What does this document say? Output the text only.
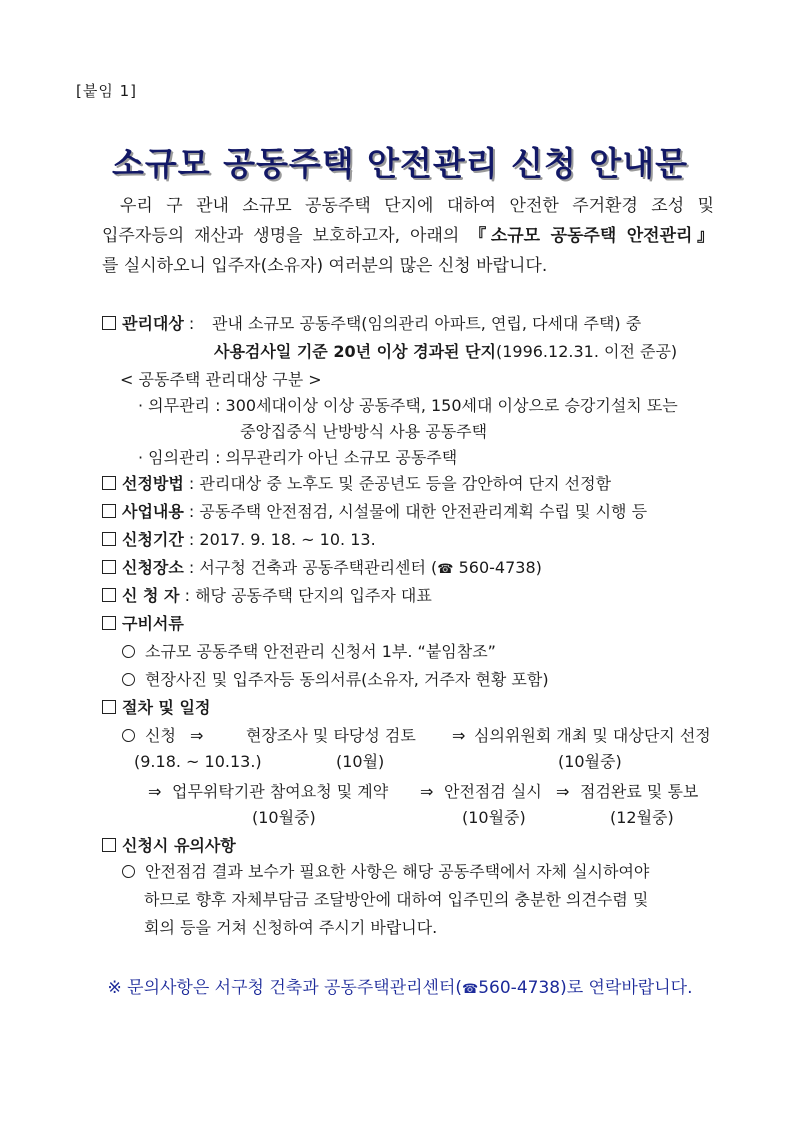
[붙임 1]
소규모 공동주택 안전관리 신청 안내문
우리 구 관내 소규모 공동주택 단지에 대하여 안전한 주거환경 조성 및
입주자등의 재산과 생명을 보호하고자, 아래의 『소규모 공동주택 안전관리』
를 실시하오니 입주자(소유자) 여러분의 많은 신청 바랍니다.
관리대상 : 관내 소규모 공동주택(임의관리 아파트, 연립, 다세대 주택) 중
사용검사일 기준 20년 이상 경과된 단지(1996.12.31. 이전 준공)
< 공동주택 관리대상 구분 >
· 의무관리 : 300세대이상 이상 공동주택, 150세대 이상으로 승강기설치 또는
중앙집중식 난방방식 사용 공동주택
· 임의관리 : 의무관리가 아닌 소규모 공동주택
선정방법 : 관리대상 중 노후도 및 준공년도 등을 감안하여 단지 선정함
사업내용 : 공동주택 안전점검, 시설물에 대한 안전관리계획 수립 및 시행 등
신청기간 : 2017. 9. 18. ~ 10. 13.
신청장소 : 서구청 건축과 공동주택관리센터 (☎ 560-4738)
신 청 자 : 해당 공동주택 단지의 입주자 대표
구비서류
소규모 공동주택 안전관리 신청서 1부. “붙임참조”
현장사진 및 입주자등 동의서류(소유자, 거주자 현황 포함)
절차 및 일정
신청 ⇒	현장조사 및 타당성 검토 ⇒ 심의위원회 개최 및 대상단지 선정
(9.18. ~ 10.13.)	(10월)	(10월중)
⇒ 업무위탁기관 참여요청 및 계약 ⇒ 안전점검 실시 ⇒ 점검완료 및 통보
(10월중)	(10월중)	(12월중)
신청시 유의사항
안전점검 결과 보수가 필요한 사항은 해당 공동주택에서 자체 실시하여야
하므로 향후 자체부담금 조달방안에 대하여 입주민의 충분한 의견수렴 및
회의 등을 거쳐 신청하여 주시기 바랍니다.
※ 문의사항은 서구청 건축과 공동주택관리센터(☎560-4738)로 연락바랍니다.
